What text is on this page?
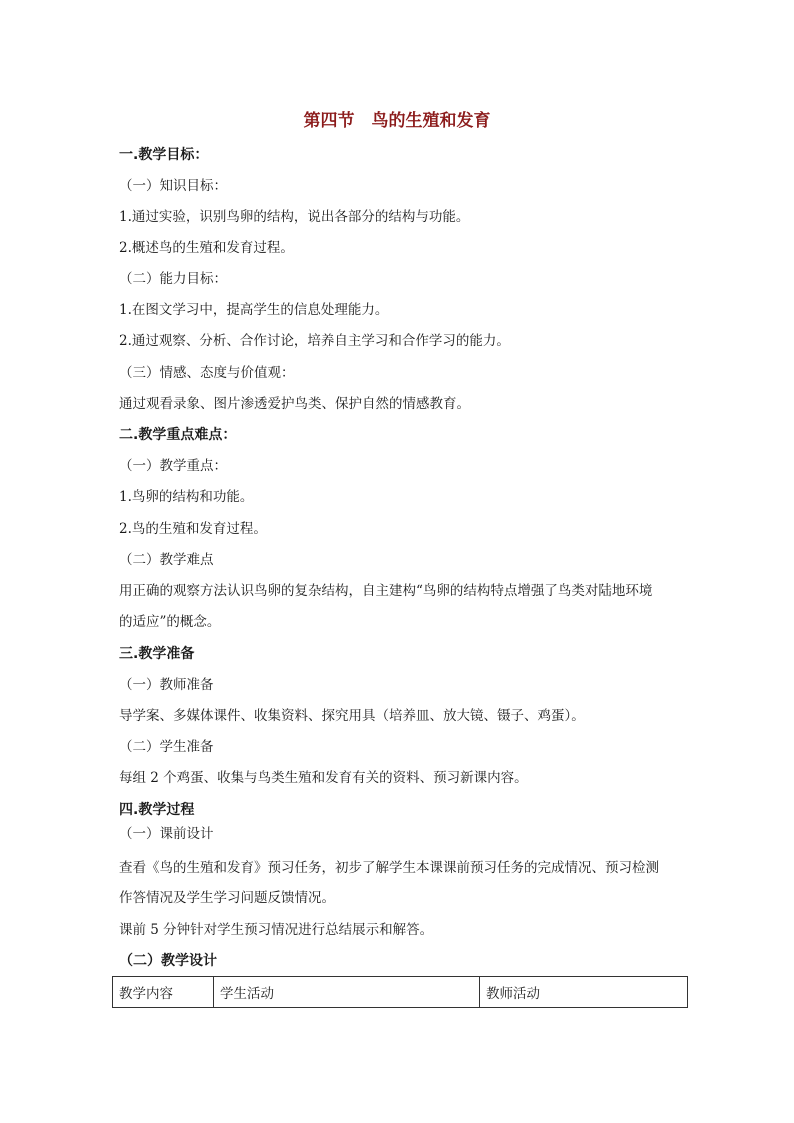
第四节　鸟的生殖和发育
一.教学目标：
（一）知识目标：
1.通过实验，识别鸟卵的结构，说出各部分的结构与功能。
2.概述鸟的生殖和发育过程。
（二）能力目标：
1.在图文学习中，提高学生的信息处理能力。
2.通过观察、分析、合作讨论，培养自主学习和合作学习的能力。
（三）情感、态度与价值观：
通过观看录象、图片渗透爱护鸟类、保护自然的情感教育。
二.教学重点难点：
（一）教学重点：
1.鸟卵的结构和功能。
2.鸟的生殖和发育过程。
（二）教学难点
用正确的观察方法认识鸟卵的复杂结构，自主建构“鸟卵的结构特点增强了鸟类对陆地环境
的适应”的概念。
三.教学准备
（一）教师准备
导学案、多媒体课件、收集资料、探究用具（培养皿、放大镜、镊子、鸡蛋）。
（二）学生准备
每组 2 个鸡蛋、收集与鸟类生殖和发育有关的资料、预习新课内容。
四.教学过程
（一）课前设计
查看《鸟的生殖和发育》预习任务，初步了解学生本课课前预习任务的完成情况、预习检测
作答情况及学生学习问题反馈情况。
课前 5 分钟针对学生预习情况进行总结展示和解答。
（二）教学设计
教学内容	学生活动	教师活动
